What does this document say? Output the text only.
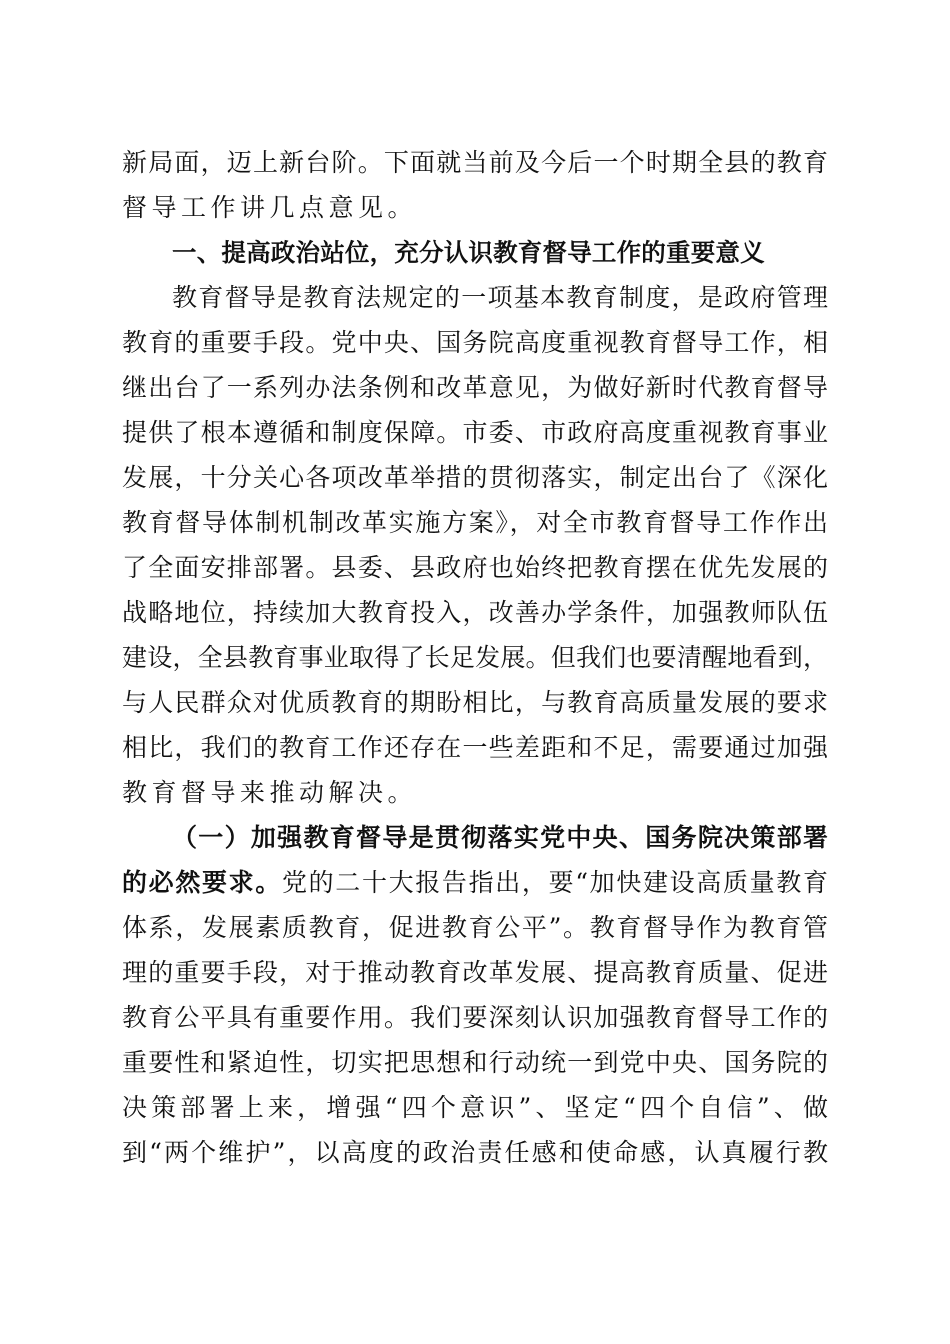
新局面，迈上新台阶。下面就当前及今后一个时期全县的教育
督导工作讲几点意见。
一、提高政治站位，充分认识教育督导工作的重要意义
教育督导是教育法规定的一项基本教育制度，是政府管理
教育的重要手段。党中央、国务院高度重视教育督导工作，相
继出台了一系列办法条例和改革意见，为做好新时代教育督导
提供了根本遵循和制度保障。市委、市政府高度重视教育事业
发展，十分关心各项改革举措的贯彻落实，制定出台了《深化
教育督导体制机制改革实施方案》，对全市教育督导工作作出
了全面安排部署。县委、县政府也始终把教育摆在优先发展的
战略地位，持续加大教育投入，改善办学条件，加强教师队伍
建设，全县教育事业取得了长足发展。但我们也要清醒地看到，
与人民群众对优质教育的期盼相比，与教育高质量发展的要求
相比，我们的教育工作还存在一些差距和不足，需要通过加强
教育督导来推动解决。
（一）加强教育督导是贯彻落实党中央、国务院决策部署
的必然要求。党的二十大报告指出，要“加快建设高质量教育
体系，发展素质教育，促进教育公平”。教育督导作为教育管
理的重要手段，对于推动教育改革发展、提高教育质量、促进
教育公平具有重要作用。我们要深刻认识加强教育督导工作的
重要性和紧迫性，切实把思想和行动统一到党中央、国务院的
决策部署上来，增强“四个意识”、坚定“四个自信”、做
到“两个维护”，以高度的政治责任感和使命感，认真履行教
